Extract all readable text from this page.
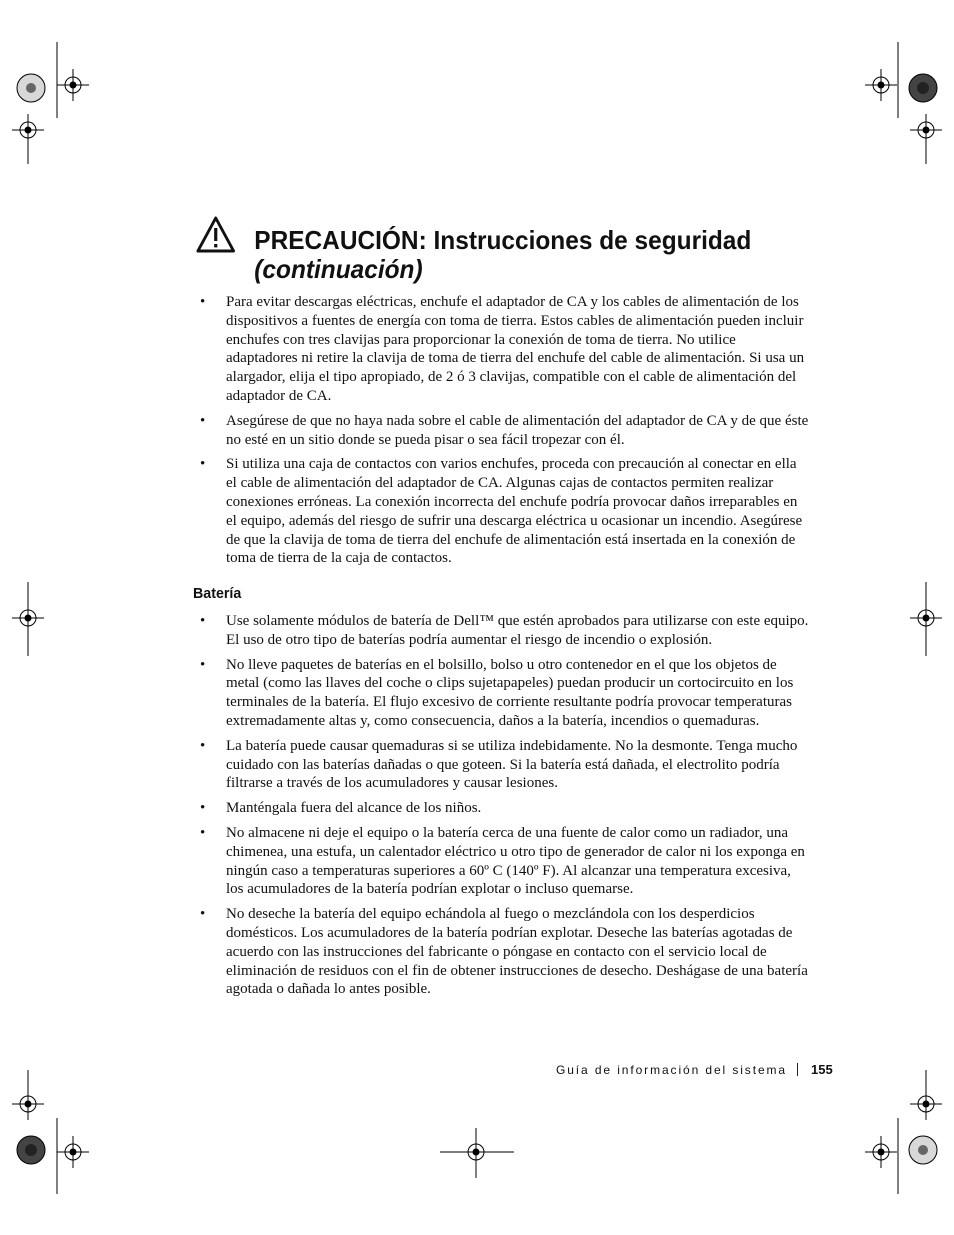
PRECAUCIÓN: Instrucciones de seguridad
(continuación)
• Para evitar descargas eléctricas, enchufe el adaptador de CA y los cables de alimentación de los dispositivos a fuentes de energía con toma de tierra. Estos cables de alimentación pueden incluir enchufes con tres clavijas para proporcionar la conexión de toma de tierra. No utilice adaptadores ni retire la clavija de toma de tierra del enchufe del cable de alimentación. Si usa un alargador, elija el tipo apropiado, de 2 ó 3 clavijas, compatible con el cable de alimentación del adaptador de CA.
• Asegúrese de que no haya nada sobre el cable de alimentación del adaptador de CA y de que éste no esté en un sitio donde se pueda pisar o sea fácil tropezar con él.
• Si utiliza una caja de contactos con varios enchufes, proceda con precaución al conectar en ella el cable de alimentación del adaptador de CA. Algunas cajas de contactos permiten realizar conexiones erróneas. La conexión incorrecta del enchufe podría provocar daños irreparables en el equipo, además del riesgo de sufrir una descarga eléctrica u ocasionar un incendio. Asegúrese de que la clavija de toma de tierra del enchufe de alimentación está insertada en la conexión de toma de tierra de la caja de contactos.
Batería
• Use solamente módulos de batería de Dell™ que estén aprobados para utilizarse con este equipo. El uso de otro tipo de baterías podría aumentar el riesgo de incendio o explosión.
• No lleve paquetes de baterías en el bolsillo, bolso u otro contenedor en el que los objetos de metal (como las llaves del coche o clips sujetapapeles) puedan producir un cortocircuito en los terminales de la batería. El flujo excesivo de corriente resultante podría provocar temperaturas extremadamente altas y, como consecuencia, daños a la batería, incendios o quemaduras.
• La batería puede causar quemaduras si se utiliza indebidamente. No la desmonte. Tenga mucho cuidado con las baterías dañadas o que goteen. Si la batería está dañada, el electrolito podría filtrarse a través de los acumuladores y causar lesiones.
• Manténgala fuera del alcance de los niños.
• No almacene ni deje el equipo o la batería cerca de una fuente de calor como un radiador, una chimenea, una estufa, un calentador eléctrico u otro tipo de generador de calor ni los exponga en ningún caso a temperaturas superiores a 60º C (140º F). Al alcanzar una temperatura excesiva, los acumuladores de la batería podrían explotar o incluso quemarse.
• No deseche la batería del equipo echándola al fuego o mezclándola con los desperdicios domésticos. Los acumuladores de la batería podrían explotar. Deseche las baterías agotadas de acuerdo con las instrucciones del fabricante o póngase en contacto con el servicio local de eliminación de residuos con el fin de obtener instrucciones de desecho. Deshágase de una batería agotada o dañada lo antes posible.
Guía de información del sistema 155
